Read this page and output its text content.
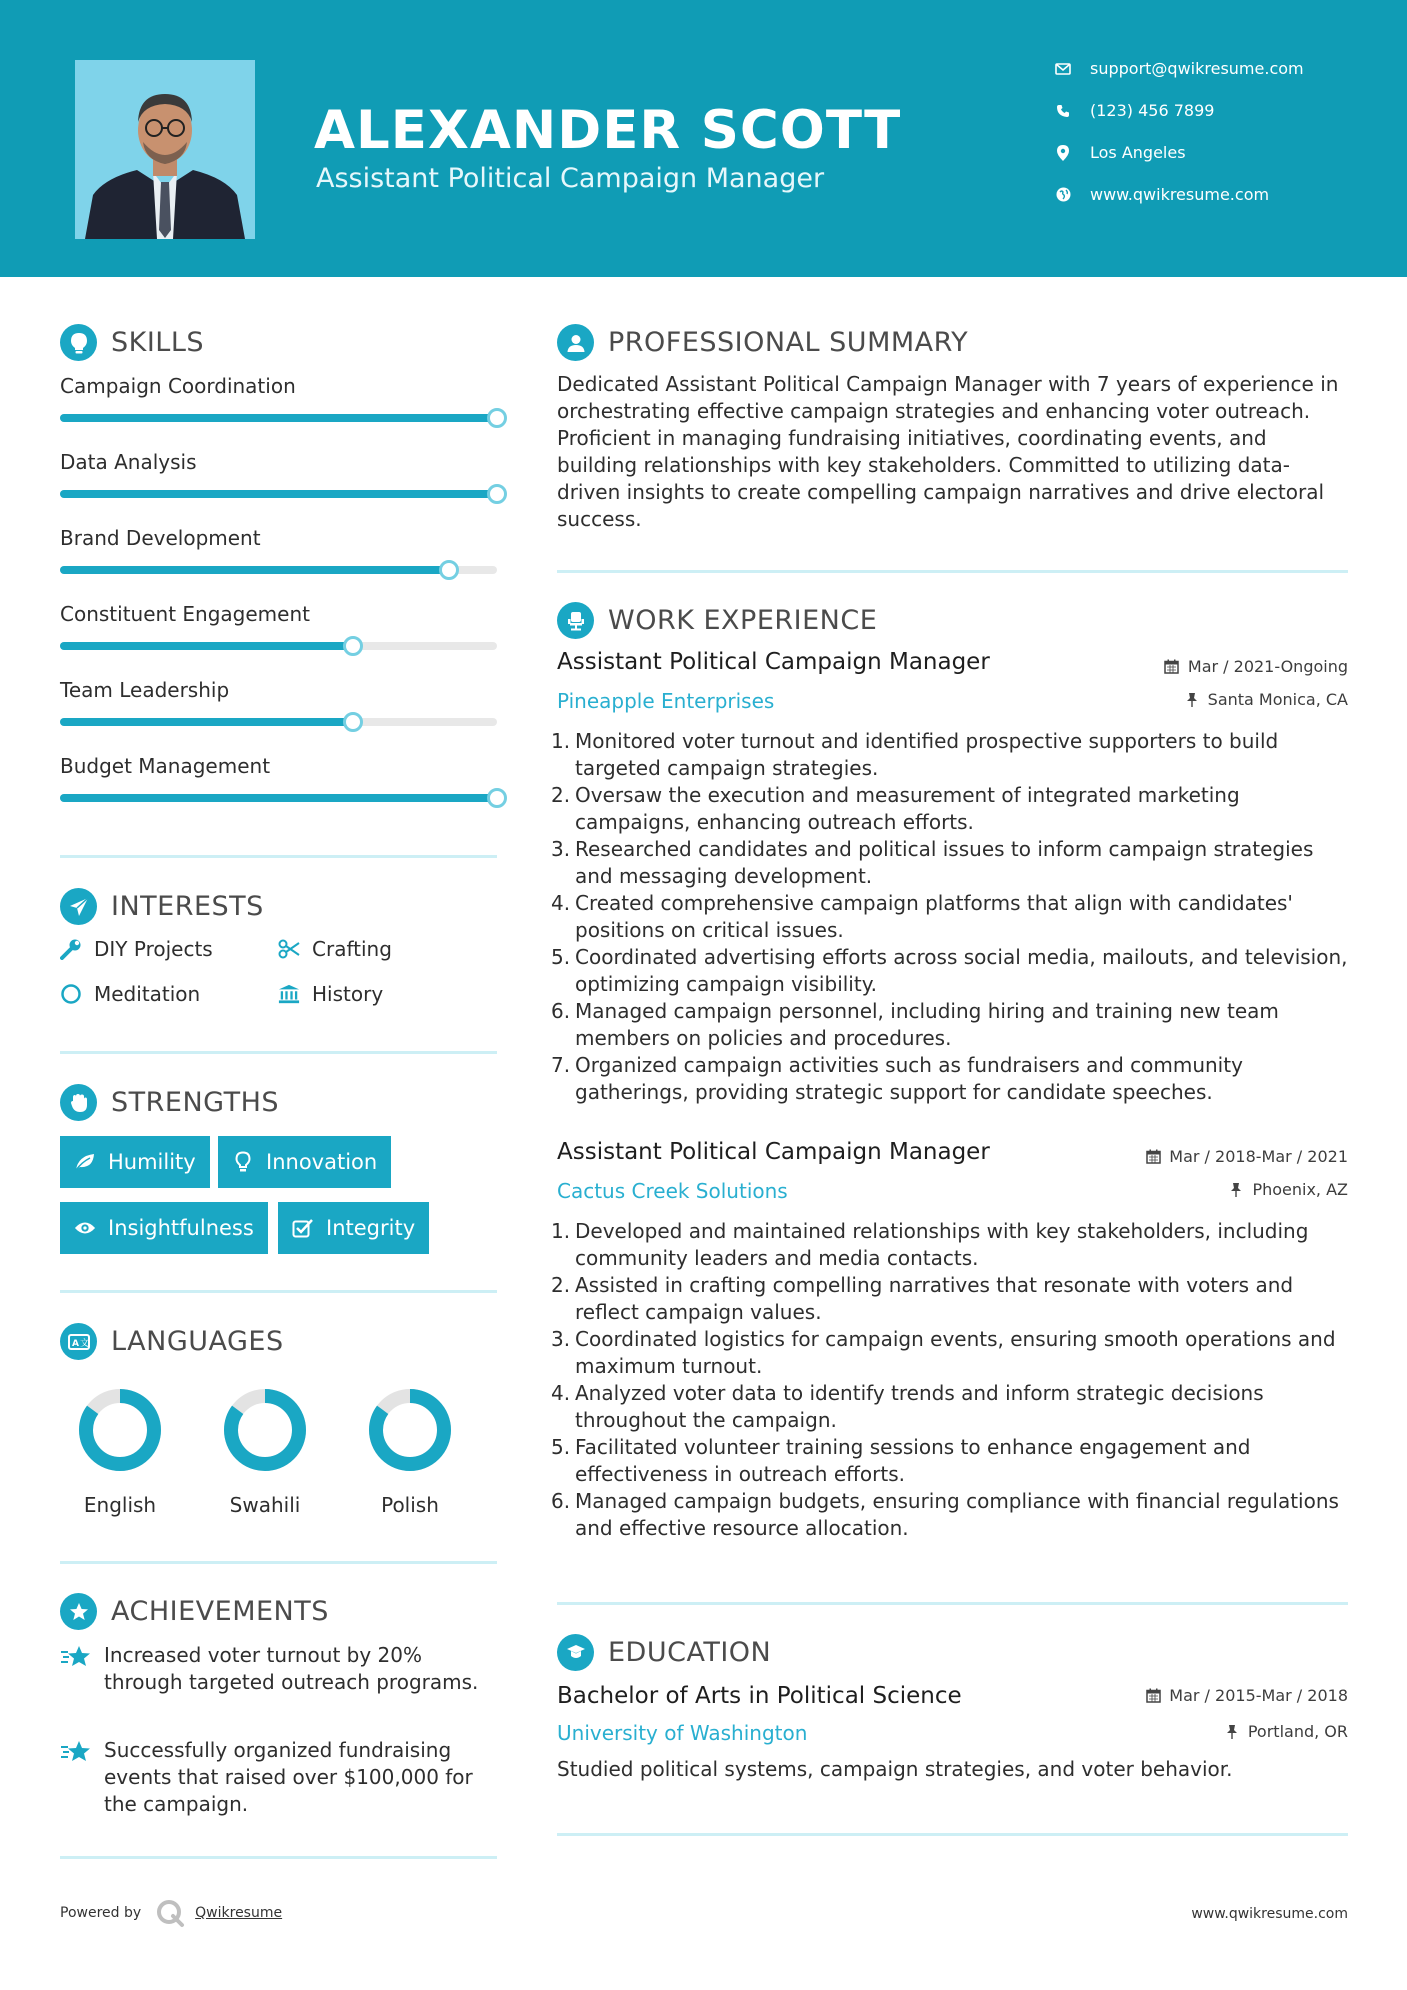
ALEXANDER SCOTT
Assistant Political Campaign Manager
support@qwikresume.com
(123) 456 7899
Los Angeles
www.qwikresume.com
SKILLS
Campaign Coordination
Data Analysis
Brand Development
Constituent Engagement
Team Leadership
Budget Management
INTERESTS
DIY Projects	Crafting
Meditation	History
STRENGTHS
Humility	Innovation
Insightfulness	Integrity
A 文 LANGUAGES
English	Swahili	Polish
ACHIEVEMENTS
Increased voter turnout by 20% through targeted outreach programs.
Successfully organized fundraising events that raised over $100,000 for the campaign.
PROFESSIONAL SUMMARY
Dedicated Assistant Political Campaign Manager with 7 years of experience in orchestrating effective campaign strategies and enhancing voter outreach. Proficient in managing fundraising initiatives, coordinating events, and building relationships with key stakeholders. Committed to utilizing data-driven insights to create compelling campaign narratives and drive electoral success.
WORK EXPERIENCE
Assistant Political Campaign Manager
Pineapple Enterprises
Mar / 2021-Ongoing
Santa Monica, CA
1. Monitored voter turnout and identified prospective supporters to build targeted campaign strategies.
2. Oversaw the execution and measurement of integrated marketing campaigns, enhancing outreach efforts.
3. Researched candidates and political issues to inform campaign strategies and messaging development.
4. Created comprehensive campaign platforms that align with candidates' positions on critical issues.
5. Coordinated advertising efforts across social media, mailouts, and television, optimizing campaign visibility.
6. Managed campaign personnel, including hiring and training new team members on policies and procedures.
7. Organized campaign activities such as fundraisers and community gatherings, providing strategic support for candidate speeches.
Assistant Political Campaign Manager
Cactus Creek Solutions
Mar / 2018-Mar / 2021
Phoenix, AZ
1. Developed and maintained relationships with key stakeholders, including community leaders and media contacts.
2. Assisted in crafting compelling narratives that resonate with voters and reflect campaign values.
3. Coordinated logistics for campaign events, ensuring smooth operations and maximum turnout.
4. Analyzed voter data to identify trends and inform strategic decisions throughout the campaign.
5. Facilitated volunteer training sessions to enhance engagement and effectiveness in outreach efforts.
6. Managed campaign budgets, ensuring compliance with financial regulations and effective resource allocation.
EDUCATION
Bachelor of Arts in Political Science
University of Washington
Mar / 2015-Mar / 2018
Portland, OR
Studied political systems, campaign strategies, and voter behavior.
Powered by	Qwikresume	www.qwikresume.com
